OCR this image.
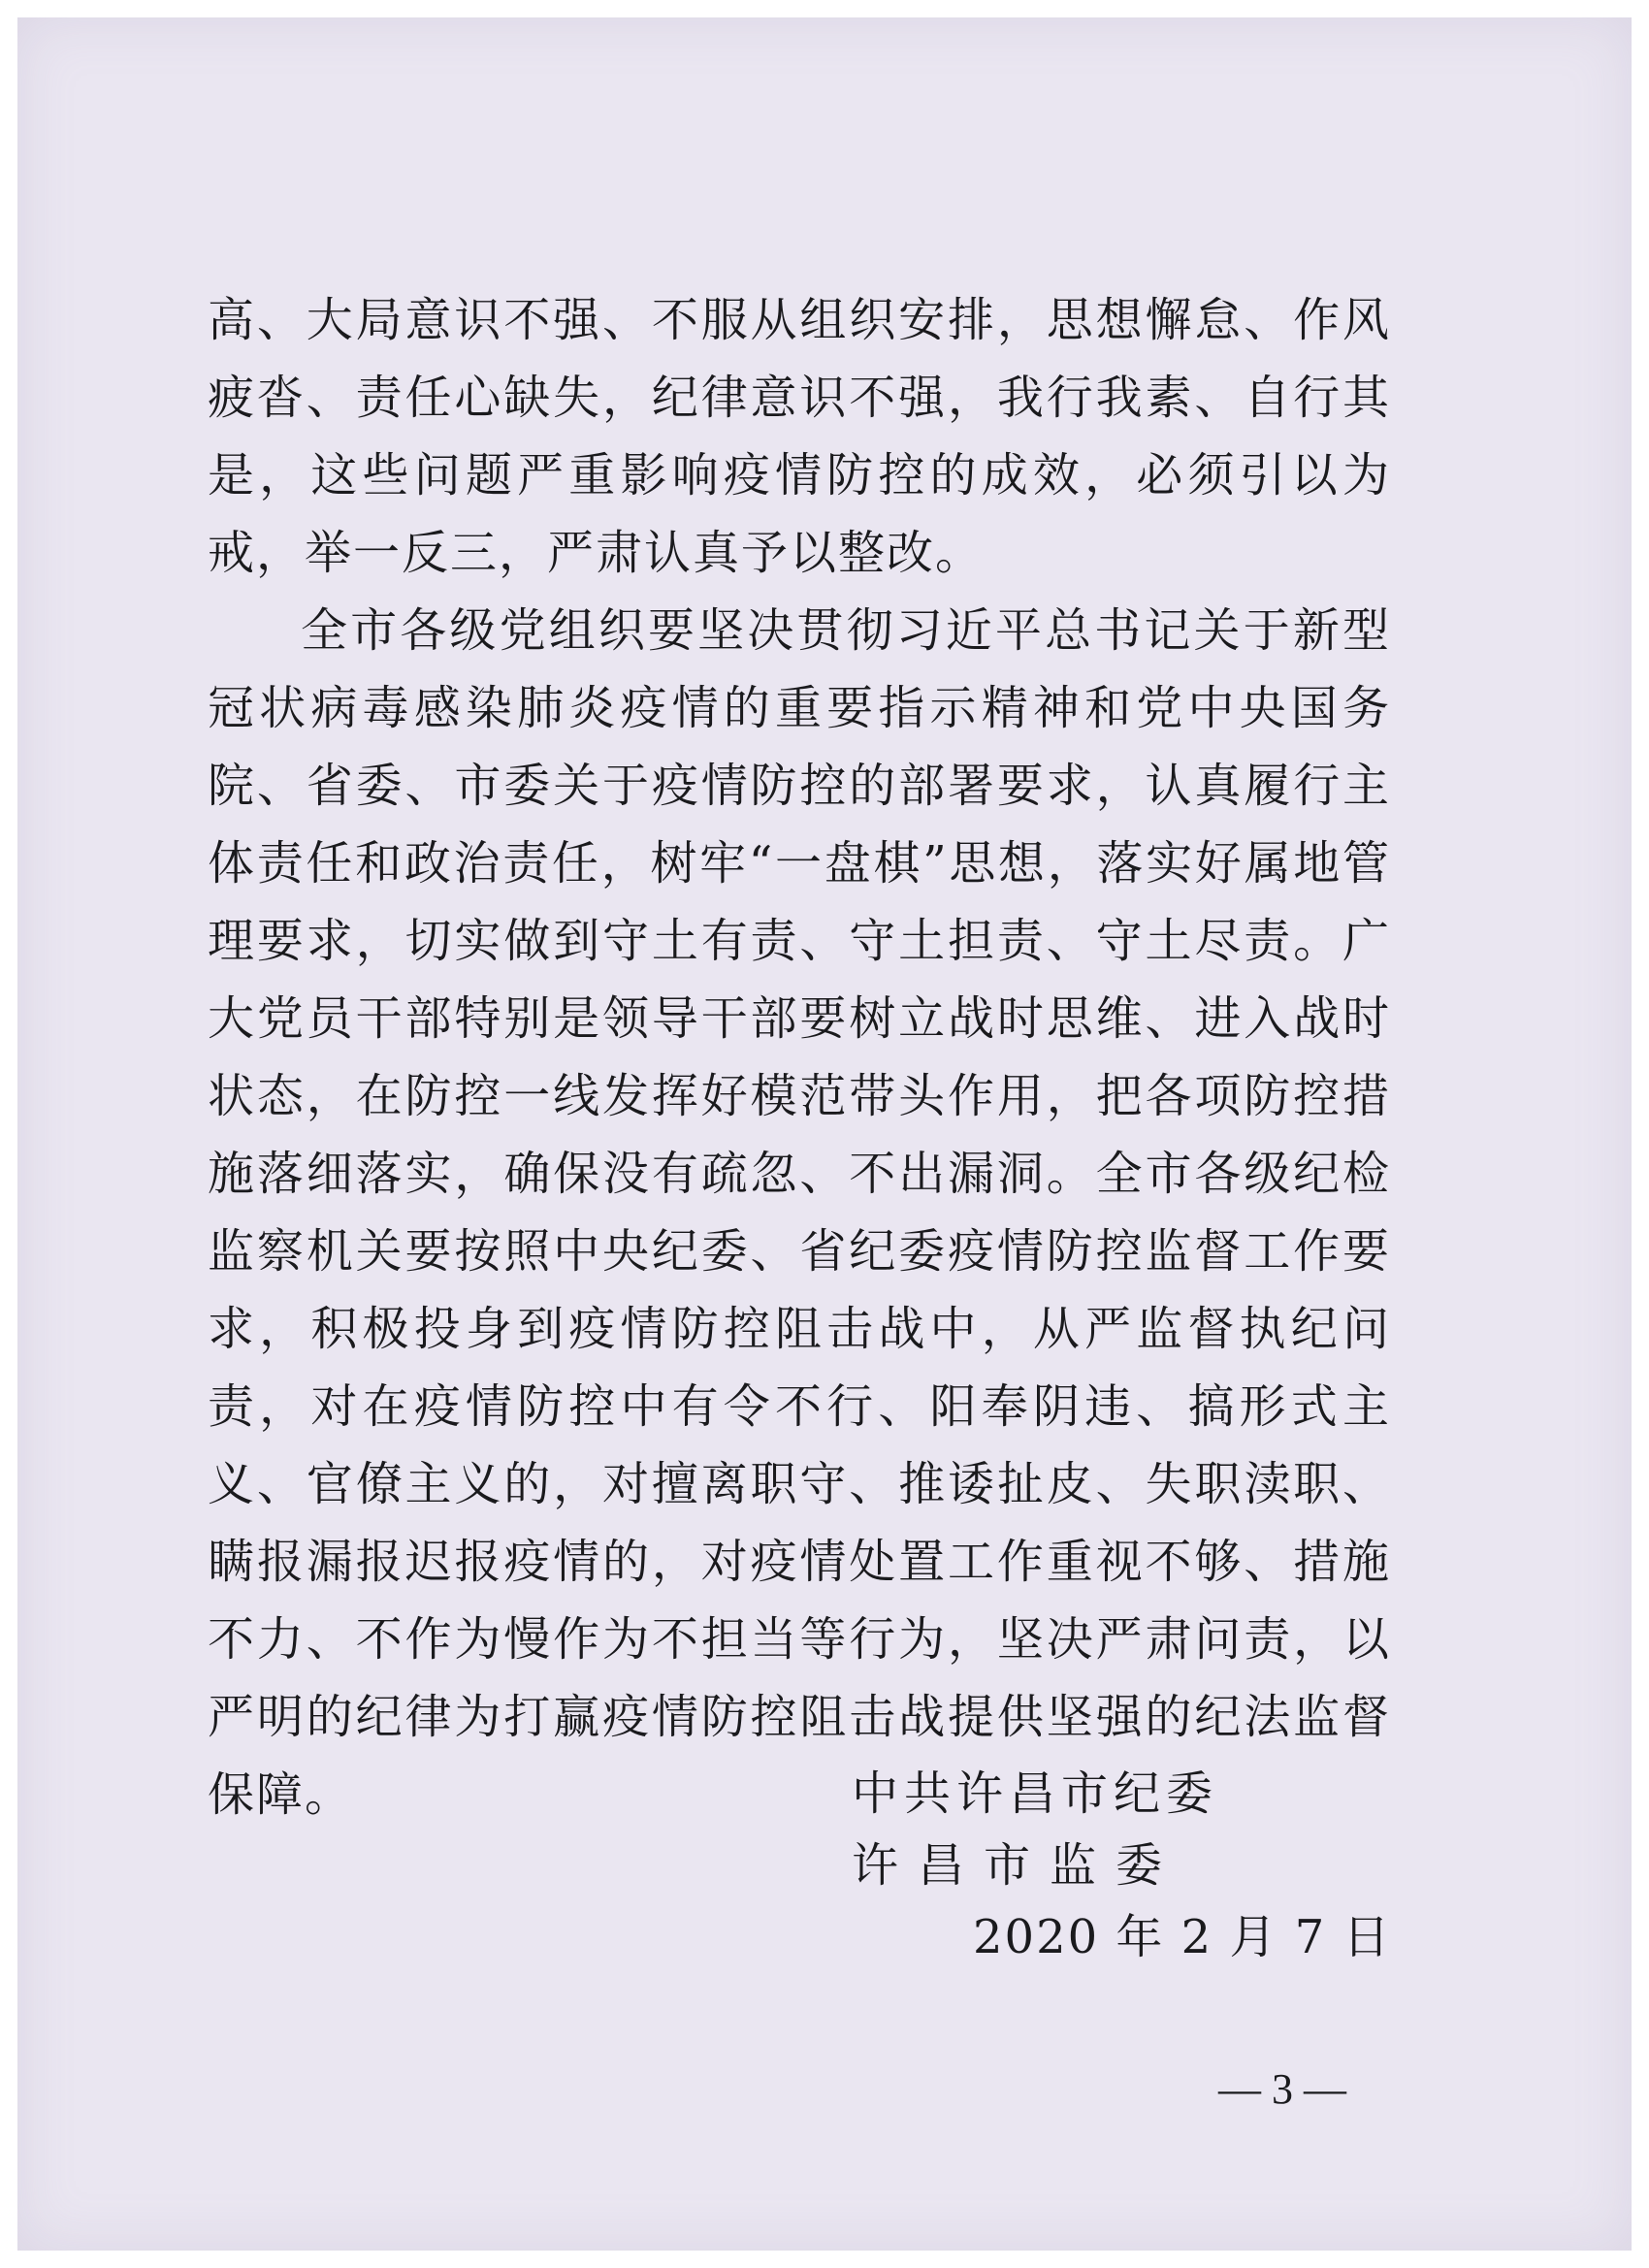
高、大局意识不强、不服从组织安排，思想懈怠、作风疲沓、责任心缺失，纪律意识不强，我行我素、自行其是，这些问题严重影响疫情防控的成效，必须引以为戒，举一反三，严肃认真予以整改。

全市各级党组织要坚决贯彻习近平总书记关于新型冠状病毒感染肺炎疫情的重要指示精神和党中央国务院、省委、市委关于疫情防控的部署要求，认真履行主体责任和政治责任，树牢“一盘棋”思想，落实好属地管理要求，切实做到守土有责、守土担责、守土尽责。广大党员干部特别是领导干部要树立战时思维、进入战时状态，在防控一线发挥好模范带头作用，把各项防控措施落细落实，确保没有疏忽、不出漏洞。全市各级纪检监察机关要按照中央纪委、省纪委疫情防控监督工作要求，积极投身到疫情防控阻击战中，从严监督执纪问责，对在疫情防控中有令不行、阳奉阴违、搞形式主义、官僚主义的，对擅离职守、推诿扯皮、失职渎职、瞒报漏报迟报疫情的，对疫情处置工作重视不够、措施不力、不作为慢作为不担当等行为，坚决严肃问责，以严明的纪律为打赢疫情防控阻击战提供坚强的纪法监督保障。	中共许昌市纪委
许昌市监委
2020 年 2 月 7 日
— 3 —
